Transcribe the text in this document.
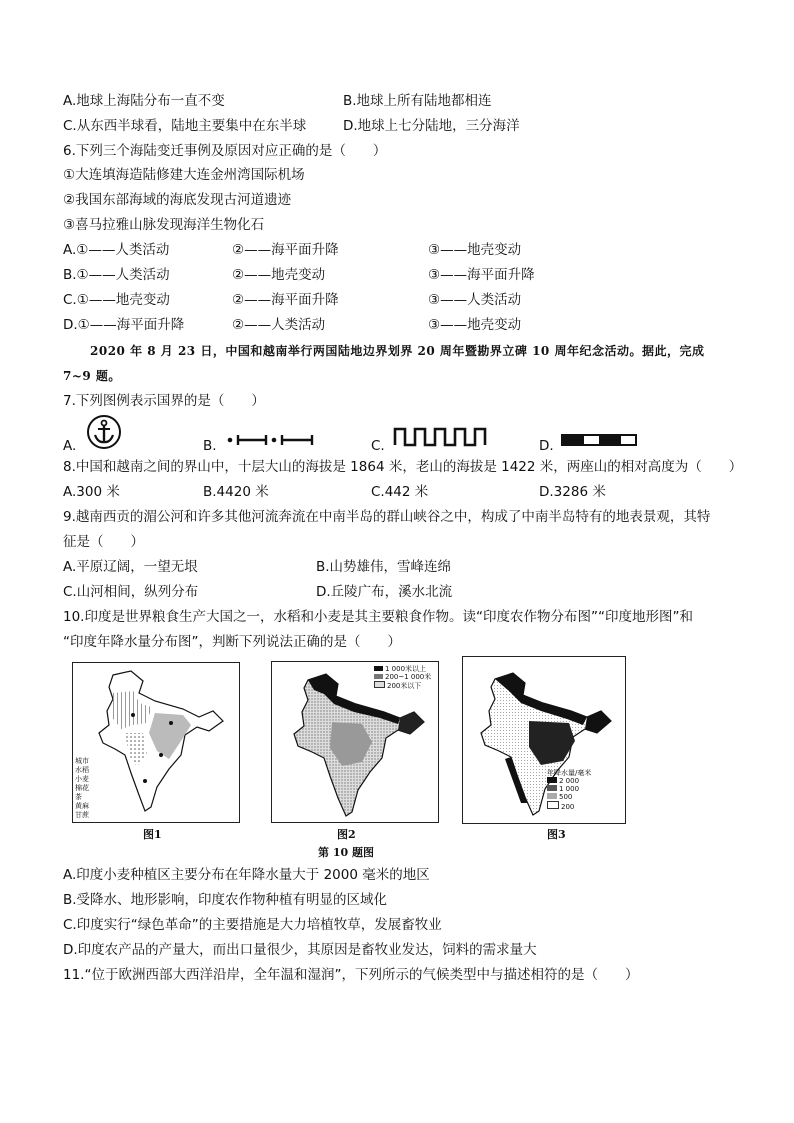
A.地球上海陆分布一直不变	B.地球上所有陆地都相连
C.从东西半球看，陆地主要集中在东半球	D.地球上七分陆地，三分海洋
6.下列三个海陆变迁事例及原因对应正确的是（　　）
①大连填海造陆修建大连金州湾国际机场
②我国东部海域的海底发现古河道遗迹
③喜马拉雅山脉发现海洋生物化石
A.①——人类活动	②——海平面升降	③——地壳变动
B.①——人类活动	②——地壳变动	③——海平面升降
C.①——地壳变动	②——海平面升降	③——人类活动
D.①——海平面升降	②——人类活动	③——地壳变动
2020 年 8 月 23 日，中国和越南举行两国陆地边界划界 20 周年暨勘界立碑 10 周年纪念活动。据此，完成
7~9 题。
7.下列图例表示国界的是（　　）
A.	B.	C.	D.
8.中国和越南之间的界山中，十层大山的海拔是 1864 米，老山的海拔是 1422 米，两座山的相对高度为（　　）
A.300 米	B.4420 米	C.442 米	D.3286 米
9.越南西贡的湄公河和许多其他河流奔流在中南半岛的群山峡谷之中，构成了中南半岛特有的地表景观，其特
征是（　　）
A.平原辽阔，一望无垠	B.山势雄伟，雪峰连绵
C.山河相间，纵列分布	D.丘陵广布，溪水北流
10.印度是世界粮食生产大国之一，水稻和小麦是其主要粮食作物。读“印度农作物分布图”“印度地形图”和
“印度年降水量分布图”，判断下列说法正确的是（　　）
城市
水稻
小麦
棉花
茶
黄麻
甘蔗
1 000米以上
200~1 000米
200米以下
年降水量/毫米
2 000
1 000
500
200
图1	图2	图3
第 10 题图
A.印度小麦种植区主要分布在年降水量大于 2000 毫米的地区
B.受降水、地形影响，印度农作物种植有明显的区域化
C.印度实行“绿色革命”的主要措施是大力培植牧草，发展畜牧业
D.印度农产品的产量大，而出口量很少，其原因是畜牧业发达，饲料的需求量大
11.“位于欧洲西部大西洋沿岸，全年温和湿润”，下列所示的气候类型中与描述相符的是（　　）
